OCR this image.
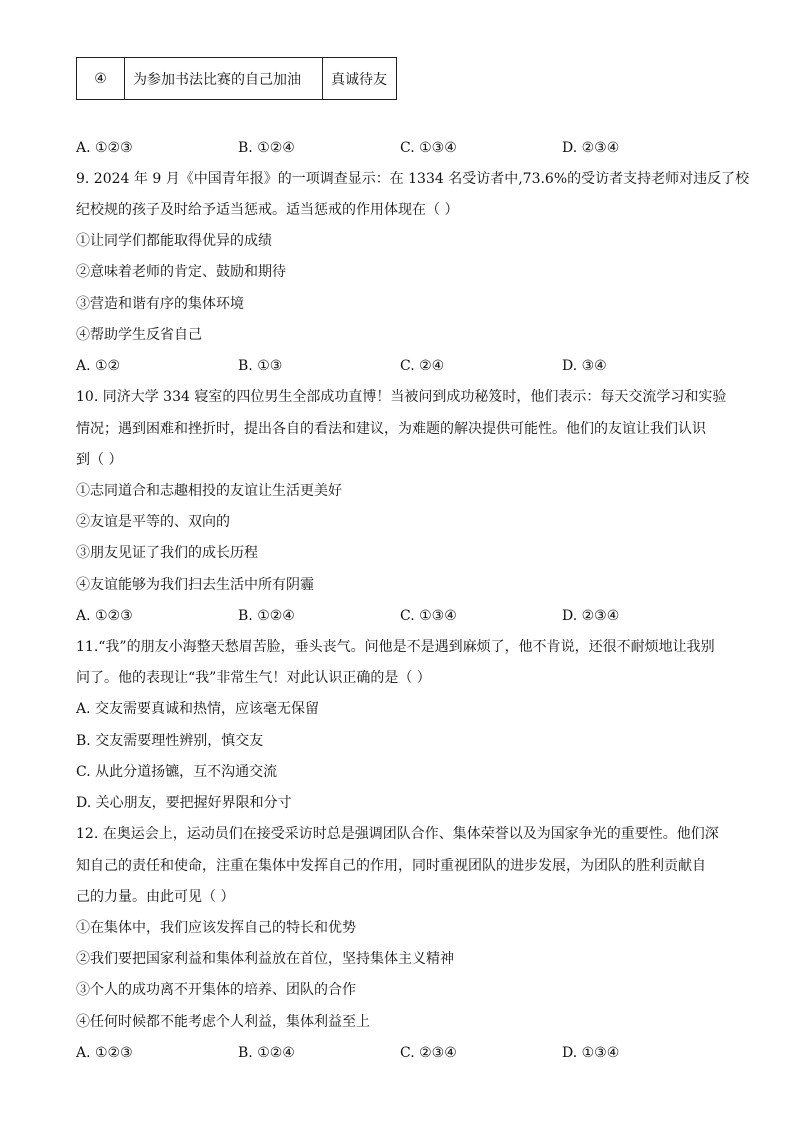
④	为参加书法比赛的自己加油	真诚待友
A. ①②③	B. ①②④	C. ①③④	D. ②③④
9. 2024 年 9 月《中国青年报》的一项调查显示：在 1334 名受访者中,73.6%的受访者支持老师对违反了校
纪校规的孩子及时给予适当惩戒。适当惩戒的作用体现在（ ）
①让同学们都能取得优异的成绩
②意味着老师的肯定、鼓励和期待
③营造和谐有序的集体环境
④帮助学生反省自己
A. ①②	B. ①③	C. ②④	D. ③④
10. 同济大学 334 寝室的四位男生全部成功直博！当被问到成功秘笈时，他们表示：每天交流学习和实验
情况；遇到困难和挫折时，提出各自的看法和建议，为难题的解决提供可能性。他们的友谊让我们认识
到（ ）
①志同道合和志趣相投的友谊让生活更美好
②友谊是平等的、双向的
③朋友见证了我们的成长历程
④友谊能够为我们扫去生活中所有阴霾
A. ①②③	B. ①②④	C. ①③④	D. ②③④
11.“我”的朋友小海整天愁眉苦脸，垂头丧气。问他是不是遇到麻烦了，他不肯说，还很不耐烦地让我别
问了。他的表现让“我”非常生气！对此认识正确的是（ ）
A. 交友需要真诚和热情，应该毫无保留
B. 交友需要理性辨别，慎交友
C. 从此分道扬镳，互不沟通交流
D. 关心朋友，要把握好界限和分寸
12. 在奥运会上，运动员们在接受采访时总是强调团队合作、集体荣誉以及为国家争光的重要性。他们深
知自己的责任和使命，注重在集体中发挥自己的作用，同时重视团队的进步发展，为团队的胜利贡献自
己的力量。由此可见（ ）
①在集体中，我们应该发挥自己的特长和优势
②我们要把国家利益和集体利益放在首位，坚持集体主义精神
③个人的成功离不开集体的培养、团队的合作
④任何时候都不能考虑个人利益，集体利益至上
A. ①②③	B. ①②④	C. ②③④	D. ①③④
